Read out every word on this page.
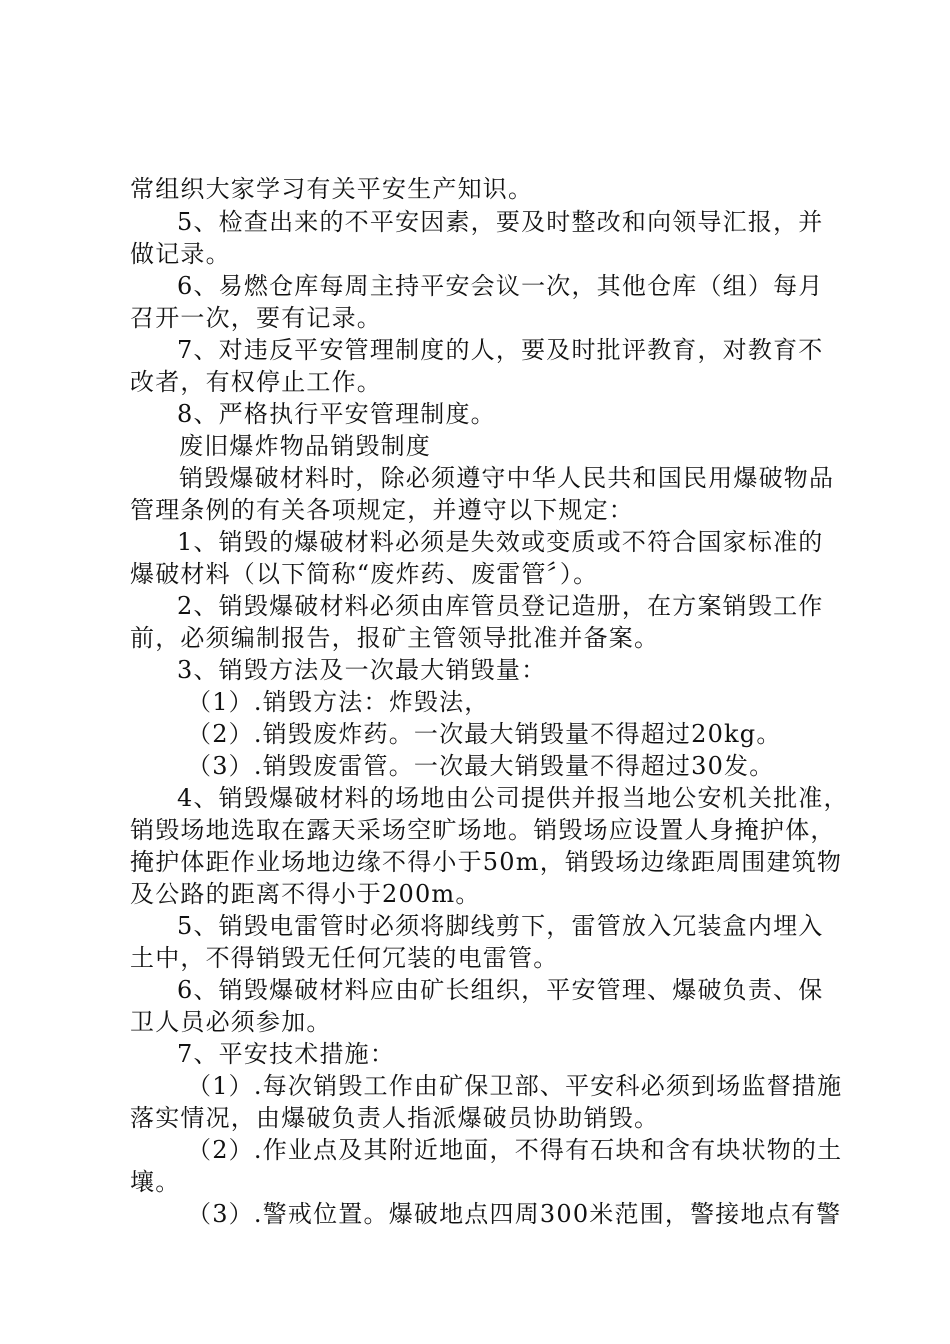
常组织大家学习有关平安生产知识。
5、检查出来的不平安因素，要及时整改和向领导汇报，并
做记录。
6、易燃仓库每周主持平安会议一次，其他仓库（组）每月
召开一次，要有记录。
7、对违反平安管理制度的人，要及时批评教育，对教育不
改者，有权停止工作。
8、严格执行平安管理制度。
废旧爆炸物品销毁制度
销毁爆破材料时，除必须遵守中华人民共和国民用爆破物品
管理条例的有关各项规定，并遵守以下规定：
1、销毁的爆破材料必须是失效或变质或不符合国家标准的
爆破材料（以下简称“废炸药、废雷管〞）。
2、销毁爆破材料必须由库管员登记造册，在方案销毁工作
前，必须编制报告，报矿主管领导批准并备案。
3、销毁方法及一次最大销毁量：
（1）.销毁方法：炸毁法，
（2）.销毁废炸药。一次最大销毁量不得超过20kg。
（3）.销毁废雷管。一次最大销毁量不得超过30发。
4、销毁爆破材料的场地由公司提供并报当地公安机关批准，
销毁场地选取在露天采场空旷场地。销毁场应设置人身掩护体，
掩护体距作业场地边缘不得小于50m，销毁场边缘距周围建筑物
及公路的距离不得小于200m。
5、销毁电雷管时必须将脚线剪下，雷管放入冗装盒内埋入
土中，不得销毁无任何冗装的电雷管。
6、销毁爆破材料应由矿长组织，平安管理、爆破负责、保
卫人员必须参加。
7、平安技术措施：
（1）.每次销毁工作由矿保卫部、平安科必须到场监督措施
落实情况，由爆破负责人指派爆破员协助销毁。
（2）.作业点及其附近地面，不得有石块和含有块状物的土
壤。
（3）.警戒位置。爆破地点四周300米范围，警接地点有警
